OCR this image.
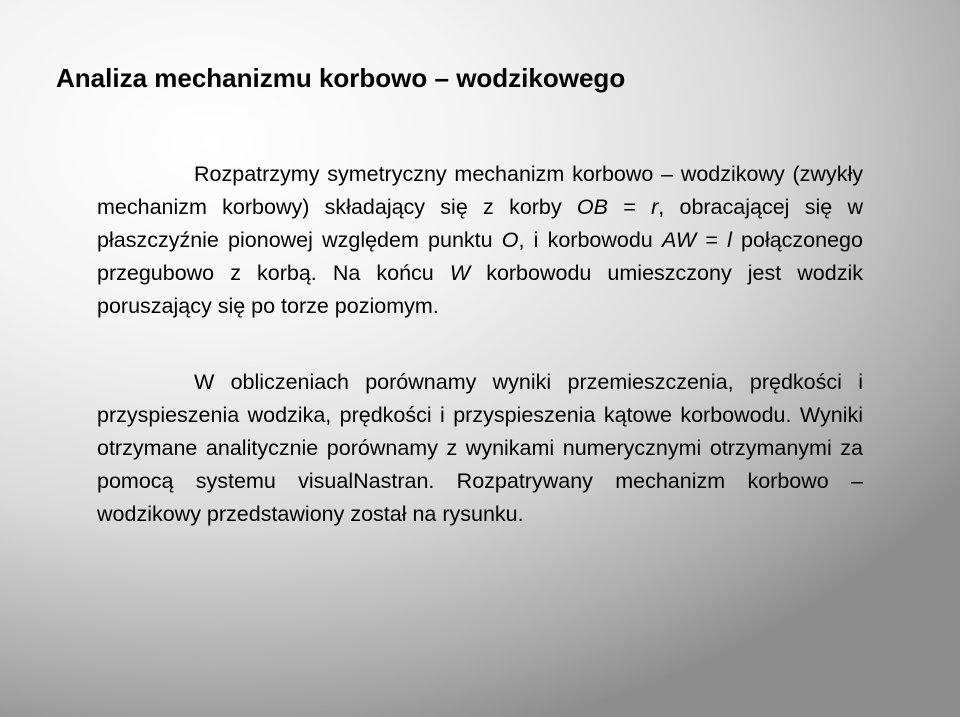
Analiza mechanizmu korbowo – wodzikowego

Rozpatrzymy symetryczny mechanizm korbowo – wodzikowy (zwykły mechanizm korbowy) składający się z korby OB = r, obracającej się w płaszczyźnie pionowej względem punktu O, i korbowodu AW = l połączonego przegubowo z korbą. Na końcu W korbowodu umieszczony jest wodzik poruszający się po torze poziomym.

W obliczeniach porównamy wyniki przemieszczenia, prędkości i przyspieszenia wodzika, prędkości i przyspieszenia kątowe korbowodu. Wyniki otrzymane analitycznie porównamy z wynikami numerycznymi otrzymanymi za pomocą systemu visualNastran. Rozpatrywany mechanizm korbowo – wodzikowy przedstawiony został na rysunku.
